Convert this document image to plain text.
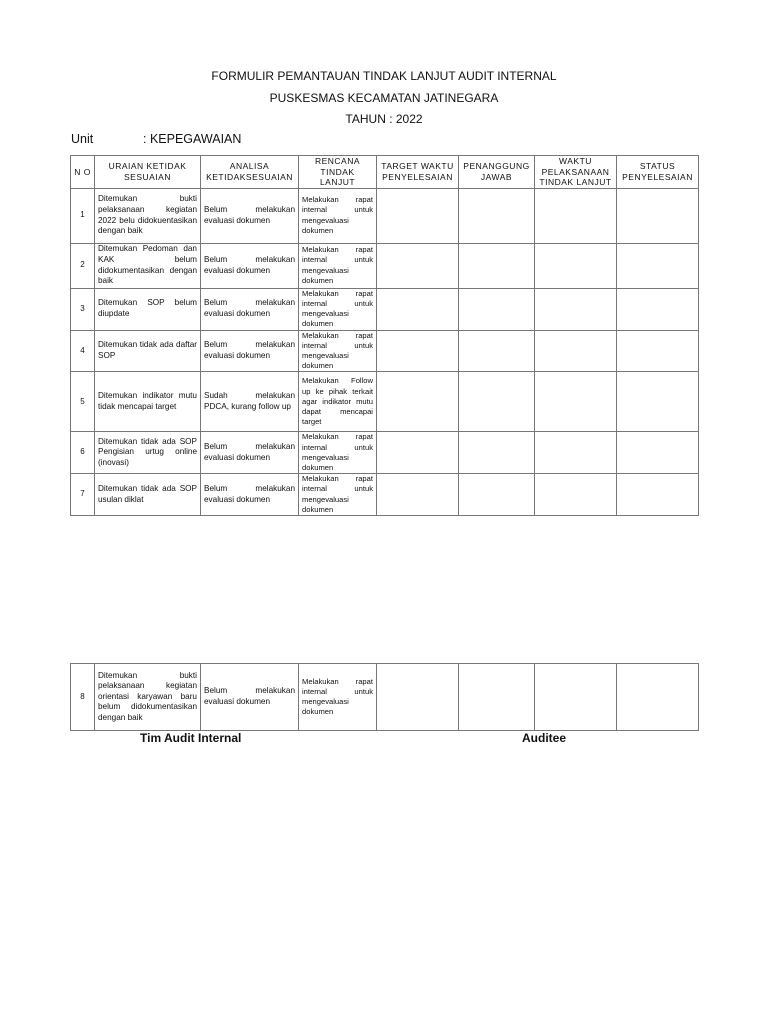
FORMULIR PEMANTAUAN TINDAK LANJUT AUDIT INTERNAL
PUSKESMAS KECAMATAN JATINEGARA
TAHUN : 2022
Unit	: KEPEGAWAIAN
N O	URAIAN KETIDAK SESUAIAN	ANALISA KETIDAKSESUAIAN	RENCANA TINDAK LANJUT	TARGET WAKTU PENYELESAIAN	PENANGGUNG JAWAB	WAKTU PELAKSANAAN TINDAK LANJUT	STATUS PENYELESAIAN
1	Ditemukan bukti pelaksanaan kegiatan 2022 belu didokuentasikan dengan baik	Belum melakukan evaluasi dokumen	Melakukan rapat internal untuk mengevaluasi dokumen				
2	Ditemukan Pedoman dan KAK belum didokumentasikan dengan baik	Belum melakukan evaluasi dokumen	Melakukan rapat internal untuk mengevaluasi dokumen				
3	Ditemukan SOP belum diupdate	Belum melakukan evaluasi dokumen	Melakukan rapat internal untuk mengevaluasi dokumen				
4	Ditemukan tidak ada daftar SOP	Belum melakukan evaluasi dokumen	Melakukan rapat internal untuk mengevaluasi dokumen				
5	Ditemukan indikator mutu tidak mencapai target	Sudah melakukan PDCA, kurang follow up	Melakukan Follow up ke pihak terkait agar indikator mutu dapat mencapai target				
6	Ditemukan tidak ada SOP Pengisian urtug online (inovasi)	Belum melakukan evaluasi dokumen	Melakukan rapat internal untuk mengevaluasi dokumen				
7	Ditemukan tidak ada SOP usulan diklat	Belum melakukan evaluasi dokumen	Melakukan rapat internal untuk mengevaluasi dokumen				
8	Ditemukan bukti pelaksanaan kegiatan orientasi karyawan baru belum didokumentasikan dengan baik	Belum melakukan evaluasi dokumen	Melakukan rapat internal untuk mengevaluasi dokumen				
Tim Audit Internal	Auditee
